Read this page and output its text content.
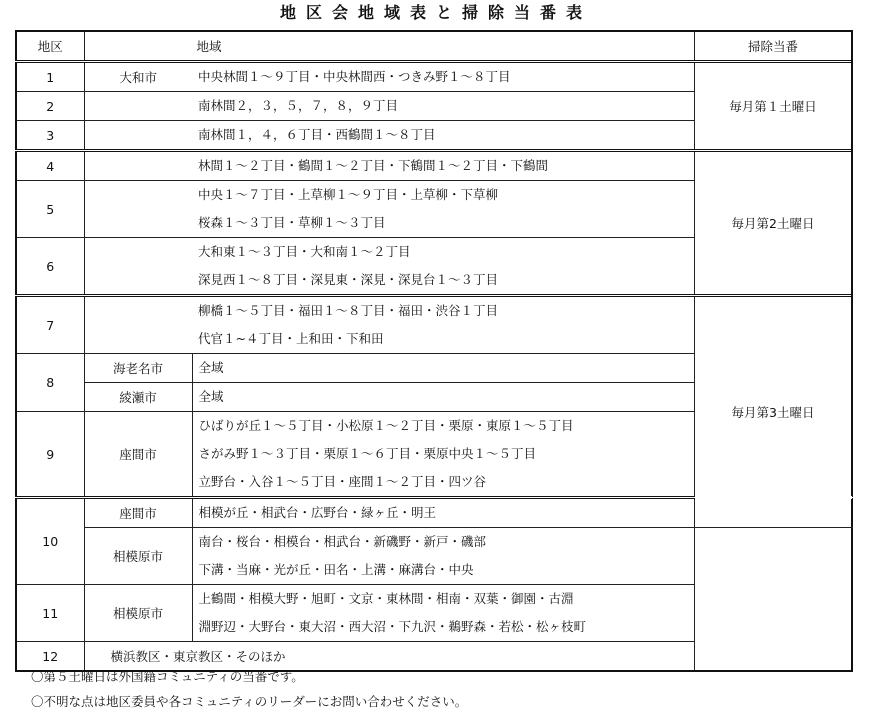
地区会地域表と掃除当番表
地区	地域		掃除当番	
1	大和市	中央林間１～９丁目・中央林間西・つきみ野１～８丁目	毎月第１土曜日	
2		南林間２，３，５，７，８，９丁目		

3		南林間１，４，６丁目・西鶴間１～８丁目		

4		林間１～２丁目・鶴間１～２丁目・下鶴間１～２丁目・下鶴間	毎月第2土曜日	
5		中央１～７丁目・上草柳１～９丁目・上草柳・下草柳
桜森１～３丁目・草柳１～３丁目		

6		大和東１～３丁目・大和南１～２丁目
深見西１～８丁目・深見東・深見・深見台１～３丁目		

7		柳橋１～５丁目・福田１～８丁目・福田・渋谷１丁目
代官１~４丁目・上和田・下和田	毎月第3土曜日	
8	海老名市	全域		

	綾瀬市	全域		

9	座間市	ひばりが丘１～５丁目・小松原１～２丁目・栗原・東原１～５丁目
さがみ野１～３丁目・栗原１～６丁目・栗原中央１～５丁目
立野台・入谷１～５丁目・座間１～２丁目・四ツ谷		

10	座間市	相模が丘・相武台・広野台・緑ヶ丘・明王

	相模原市	南台・桜台・相模台・相武台・新磯野・新戸・磯部
下溝・当麻・光が丘・田名・上溝・麻溝台・中央		

11	相模原市	上鶴間・相模大野・旭町・文京・東林間・相南・双葉・御園・古淵
淵野辺・大野台・東大沼・西大沼・下九沢・鵜野森・若松・松ヶ枝町		

12	横浜教区・東京教区・そのほか			
〇第５土曜日は外国籍コミュニティの当番です。
〇不明な点は地区委員や各コミュニティのリーダーにお問い合わせください。
